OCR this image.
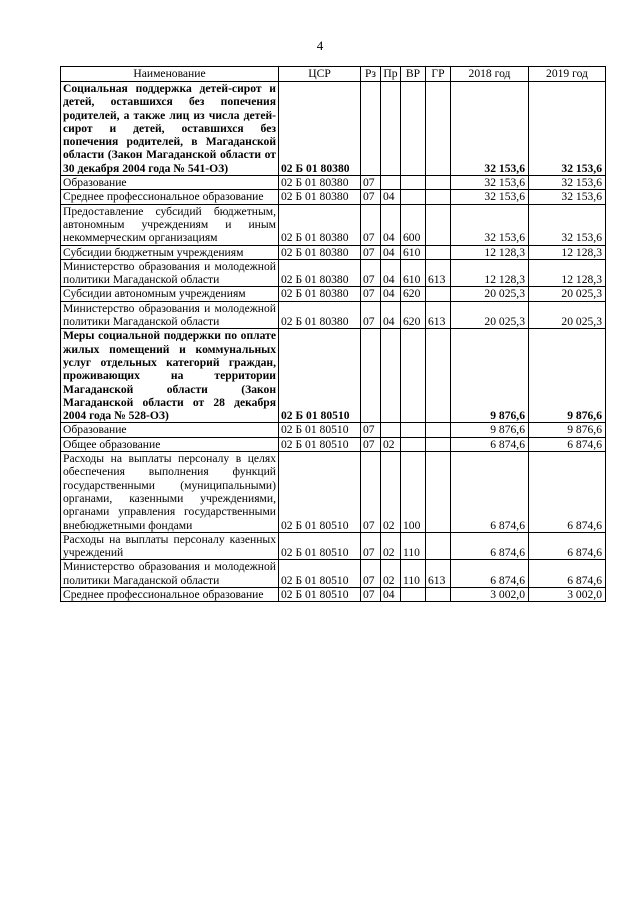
4
Наименование	ЦСР	Рз	Пр	ВР	ГР	2018 год	2019 год
Социальная поддержка детей-сирот и детей, оставшихся без попечения родителей, а также лиц из числа детей-сирот и детей, оставшихся без попечения родителей, в Магаданской области (Закон Магаданской области от 30 декабря 2004 года № 541-ОЗ)	02 Б 01 80380					32 153,6	32 153,6
Образование	02 Б 01 80380	07				32 153,6	32 153,6
Среднее профессиональное образование	02 Б 01 80380	07	04			32 153,6	32 153,6
Предоставление субсидий бюджетным, автономным учреждениям и иным некоммерческим организациям	02 Б 01 80380	07	04	600		32 153,6	32 153,6
Субсидии бюджетным учреждениям	02 Б 01 80380	07	04	610		12 128,3	12 128,3
Министерство образования и молодежной политики Магаданской области	02 Б 01 80380	07	04	610	613	12 128,3	12 128,3
Субсидии автономным учреждениям	02 Б 01 80380	07	04	620		20 025,3	20 025,3
Министерство образования и молодежной политики Магаданской области	02 Б 01 80380	07	04	620	613	20 025,3	20 025,3
Меры социальной поддержки по оплате жилых помещений и коммунальных услуг отдельных категорий граждан, проживающих на территории Магаданской области (Закон Магаданской области от 28 декабря 2004 года № 528-ОЗ)	02 Б 01 80510					9 876,6	9 876,6
Образование	02 Б 01 80510	07				9 876,6	9 876,6
Общее образование	02 Б 01 80510	07	02			6 874,6	6 874,6
Расходы на выплаты персоналу в целях обеспечения выполнения функций государственными (муниципальными) органами, казенными учреждениями, органами управления государственными внебюджетными фондами	02 Б 01 80510	07	02	100		6 874,6	6 874,6
Расходы на выплаты персоналу казенных учреждений	02 Б 01 80510	07	02	110		6 874,6	6 874,6
Министерство образования и молодежной политики Магаданской области	02 Б 01 80510	07	02	110	613	6 874,6	6 874,6
Среднее профессиональное образование	02 Б 01 80510	07	04			3 002,0	3 002,0
